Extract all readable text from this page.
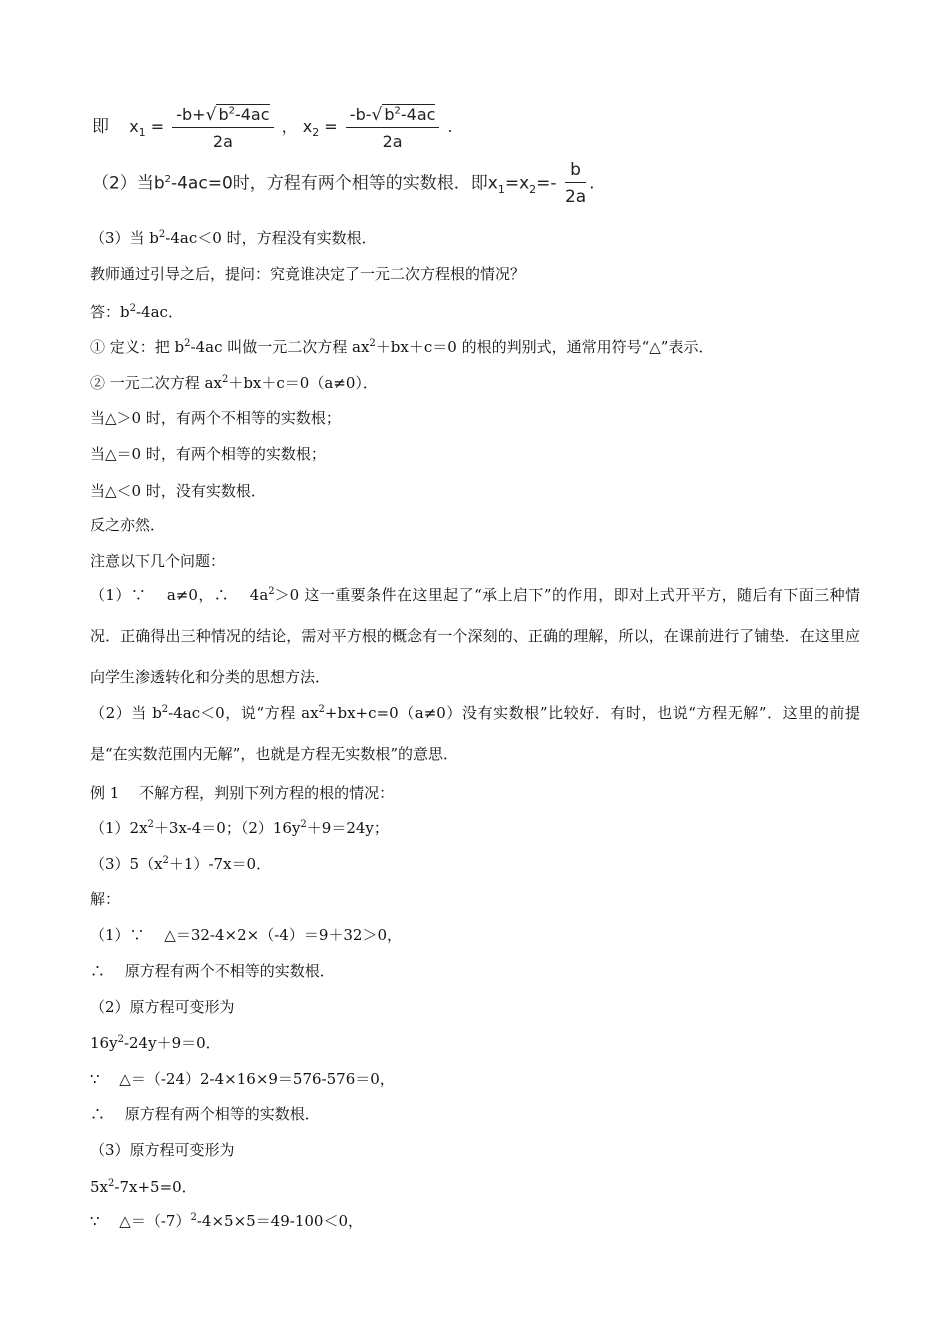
即 $x_1 = \frac{-b+√ b^2-4ac}{2a}$ ， $x_2 = \frac{-b-√ b^2-4ac}{2a}$ .
（2）当$b^2-4ac=0$时，方程有两个相等的实数根．即$x_1=x_2=- \frac{b}{2a}$ .
（3）当 $b^2-4ac<0$ 时，方程没有实数根．
教师通过引导之后，提问：究竟谁决定了一元二次方程根的情况？
答：$b^2-4ac$．
① 定义：把 $b^2-4ac$ 叫做一元二次方程 $ax^2+bx+c=0$ 的根的判别式，通常用符号“△”表示．
② 一元二次方程 $ax^2+bx+c=0(a\ne 0)$．
当△＞0 时，有两个不相等的实数根；
当△＝0 时，有两个相等的实数根；
当△＜0 时，没有实数根．
反之亦然．
注意以下几个问题：
（1）∵　 a≠0，∴　 $4a^2>0$ 这一重要条件在这里起了“承上启下”的作用，即对上式开平方，随后有下面三种情况．正确得出三种情况的结论，需对平方根的概念有一个深刻的、正确的理解，所以，在课前进行了铺垫．在这里应向学生渗透转化和分类的思想方法．
（2）当 $b^2-4ac<0$，说“方程 $ax^2+bx+c=0(a\ne 0)$没有实数根”比较好．有时，也说“方程无解”．这里的前提是“在实数范围内无解”，也就是方程无实数根”的意思．
例 1　 不解方程，判别下列方程的根的情况：
$(1)2x^2+3x-4=0$；$(2)16y^2+9=24y$；
$(3)5(x^2+1)-7x=0$．
解：
（1）∵　 △＝32-4×2×（-4）＝9＋32＞0，
∴　 原方程有两个不相等的实数根．
（2）原方程可变形为
$16y^2-24y+9=0$．
∵　 △＝（-24）2-4×16×9＝576-576＝0，
∴　 原方程有两个相等的实数根．
（3）原方程可变形为
$5x^2-7x+5=0$．
∵　 $\triangle=(-7)^2-4\times 5\times 5=49-100<0$，
